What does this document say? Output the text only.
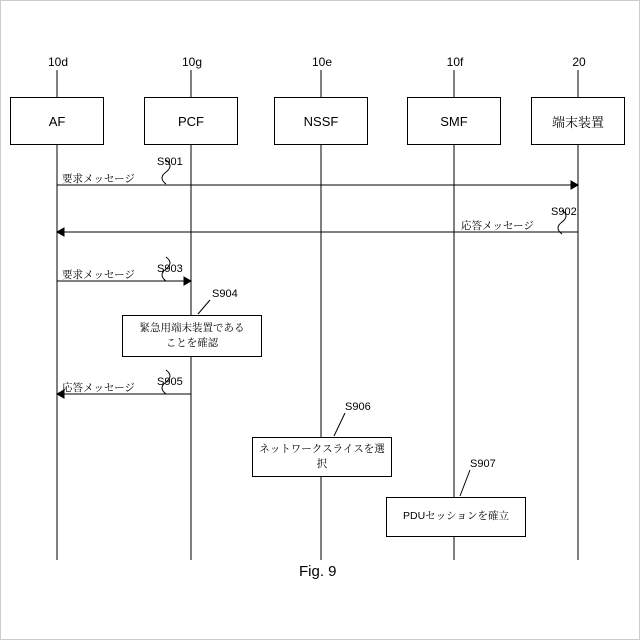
10d	10g	10e	10f	20
AF	PCF	NSSF	SMF	端末装置
要求メッセージ
応答メッセージ
要求メッセージ
応答メッセージ
S901
S902
S903
S904
S905
S906
S907
緊急用端末装置である
ことを確認
ネットワークスライスを選択
PDUセッションを確立
Fig. 9
